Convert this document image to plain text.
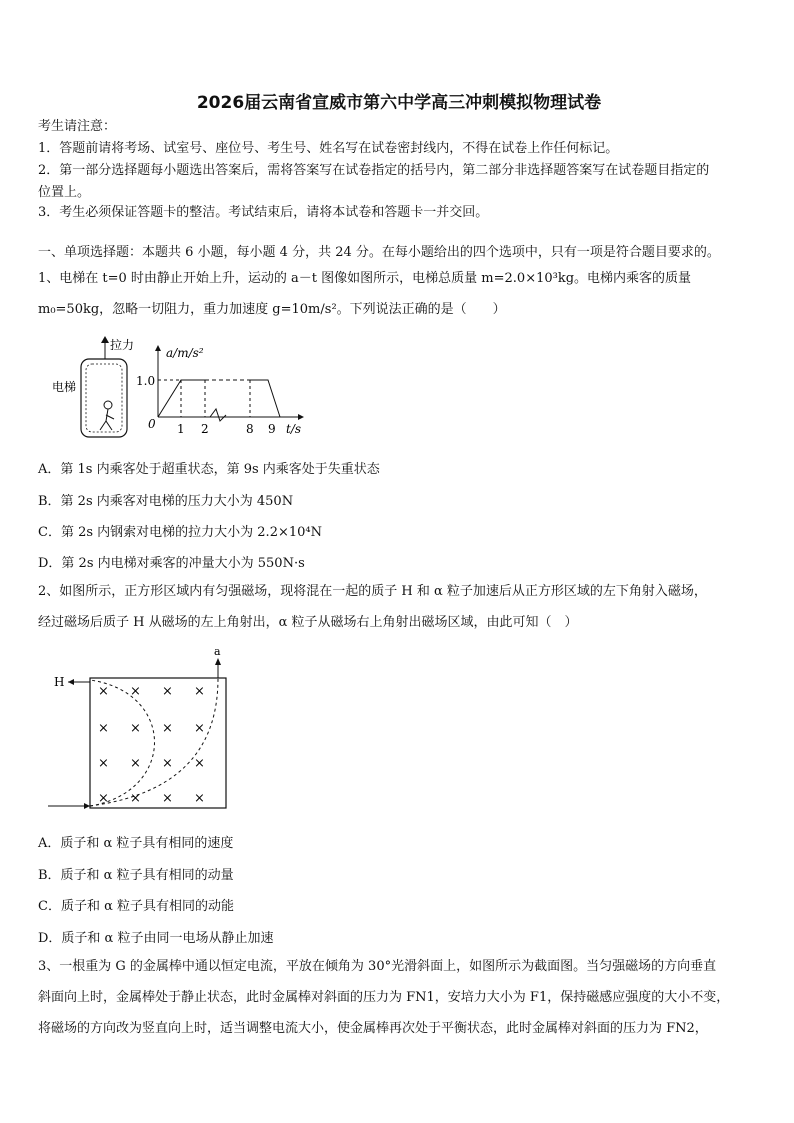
2026届云南省宣威市第六中学高三冲刺模拟物理试卷
考生请注意：
1．答题前请将考场、试室号、座位号、考生号、姓名写在试卷密封线内，不得在试卷上作任何标记。
2．第一部分选择题每小题选出答案后，需将答案写在试卷指定的括号内，第二部分非选择题答案写在试卷题目指定的
位置上。
3．考生必须保证答题卡的整洁。考试结束后，请将本试卷和答题卡一并交回。
一、单项选择题：本题共 6 小题，每小题 4 分，共 24 分。在每小题给出的四个选项中，只有一项是符合题目要求的。
1、电梯在 t=0 时由静止开始上升，运动的 a－t 图像如图所示，电梯总质量 m=2.0×10³kg。电梯内乘客的质量
m₀=50kg，忽略一切阻力，重力加速度 g=10m/s²。下列说法正确的是（　　）
拉力
电梯
a/m/s²
1.0
0 1 2	8 9 t/s
A．第 1s 内乘客处于超重状态，第 9s 内乘客处于失重状态
B．第 2s 内乘客对电梯的压力大小为 450N
C．第 2s 内钢索对电梯的拉力大小为 2.2×10⁴N
D．第 2s 内电梯对乘客的冲量大小为 550N·s
2、如图所示，正方形区域内有匀强磁场，现将混在一起的质子 H 和 α 粒子加速后从正方形区域的左下角射入磁场，
经过磁场后质子 H 从磁场的左上角射出，α 粒子从磁场右上角射出磁场区域，由此可知（　）
a
H
× × × ×
× × × ×
× × × ×
× × × ×
A．质子和 α 粒子具有相同的速度
B．质子和 α 粒子具有相同的动量
C．质子和 α 粒子具有相同的动能
D．质子和 α 粒子由同一电场从静止加速
3、一根重为 G 的金属棒中通以恒定电流，平放在倾角为 30°光滑斜面上，如图所示为截面图。当匀强磁场的方向垂直
斜面向上时，金属棒处于静止状态，此时金属棒对斜面的压力为 FN1，安培力大小为 F1，保持磁感应强度的大小不变，
将磁场的方向改为竖直向上时，适当调整电流大小，使金属棒再次处于平衡状态，此时金属棒对斜面的压力为 FN2，
